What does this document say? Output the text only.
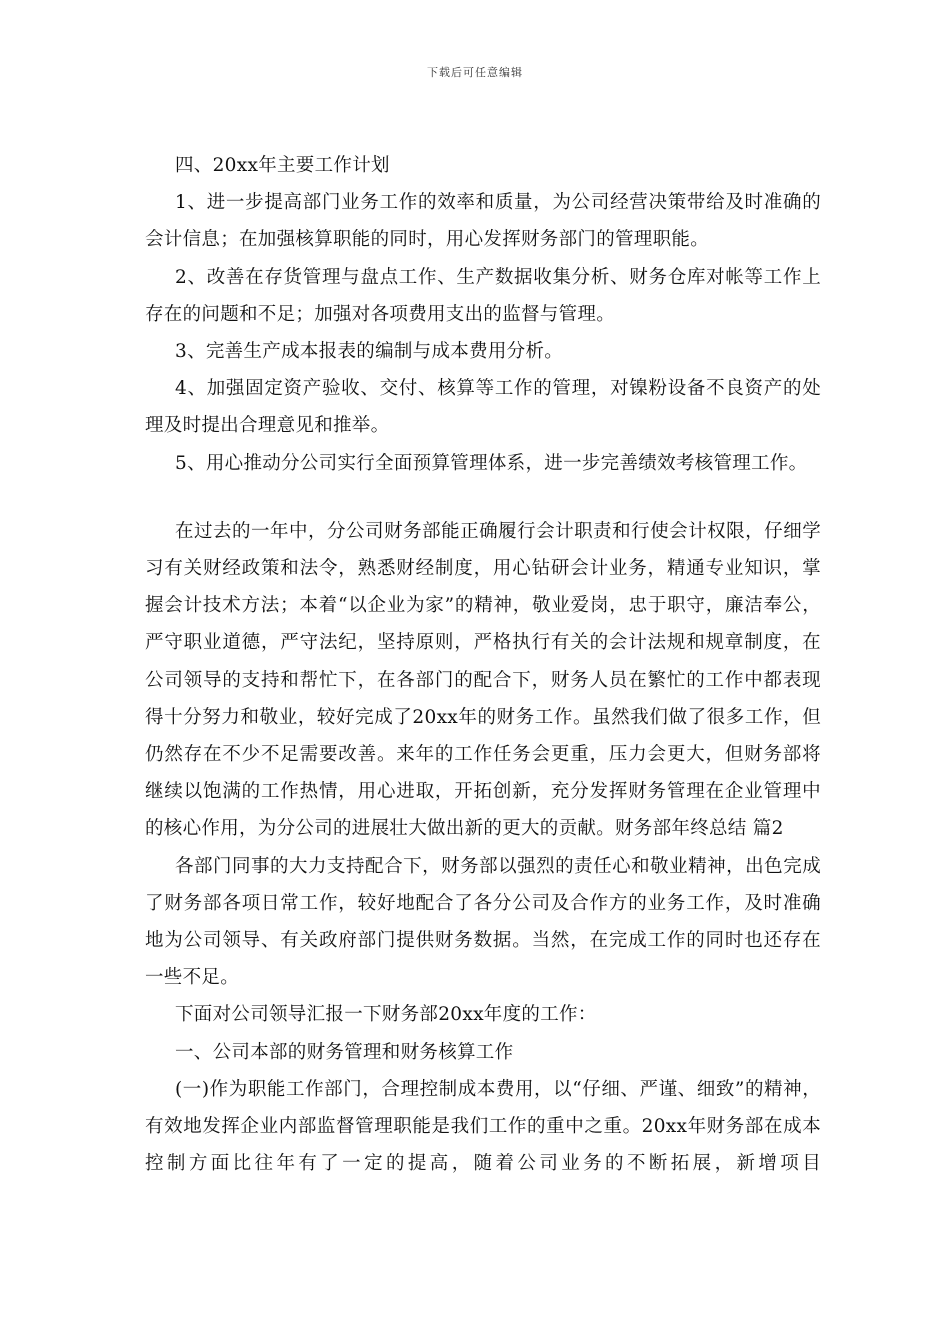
下载后可任意编辑

四、20xx年主要工作计划

1、进一步提高部门业务工作的效率和质量，为公司经营决策带给及时准确的会计信息；在加强核算职能的同时，用心发挥财务部门的管理职能。

2、改善在存货管理与盘点工作、生产数据收集分析、财务仓库对帐等工作上存在的问题和不足；加强对各项费用支出的监督与管理。

3、完善生产成本报表的编制与成本费用分析。

4、加强固定资产验收、交付、核算等工作的管理，对镍粉设备不良资产的处理及时提出合理意见和推举。

5、用心推动分公司实行全面预算管理体系，进一步完善绩效考核管理工作。

在过去的一年中，分公司财务部能正确履行会计职责和行使会计权限，仔细学习有关财经政策和法令，熟悉财经制度，用心钻研会计业务，精通专业知识，掌握会计技术方法；本着“以企业为家”的精神，敬业爱岗，忠于职守，廉洁奉公，严守职业道德，严守法纪，坚持原则，严格执行有关的会计法规和规章制度，在公司领导的支持和帮忙下，在各部门的配合下，财务人员在繁忙的工作中都表现得十分努力和敬业，较好完成了20xx年的财务工作。虽然我们做了很多工作，但仍然存在不少不足需要改善。来年的工作任务会更重，压力会更大，但财务部将继续以饱满的工作热情，用心进取，开拓创新，充分发挥财务管理在企业管理中的核心作用，为分公司的进展壮大做出新的更大的贡献。财务部年终总结 篇2

各部门同事的大力支持配合下，财务部以强烈的责任心和敬业精神，出色完成了财务部各项日常工作，较好地配合了各分公司及合作方的业务工作，及时准确地为公司领导、有关政府部门提供财务数据。当然，在完成工作的同时也还存在一些不足。

下面对公司领导汇报一下财务部20xx年度的工作：

一、公司本部的财务管理和财务核算工作

(一)作为职能工作部门，合理控制成本费用，以“仔细、严谨、细致”的精神，有效地发挥企业内部监督管理职能是我们工作的重中之重。20xx年财务部在成本控制方面比往年有了一定的提高，随着公司业务的不断拓展，新增项目
